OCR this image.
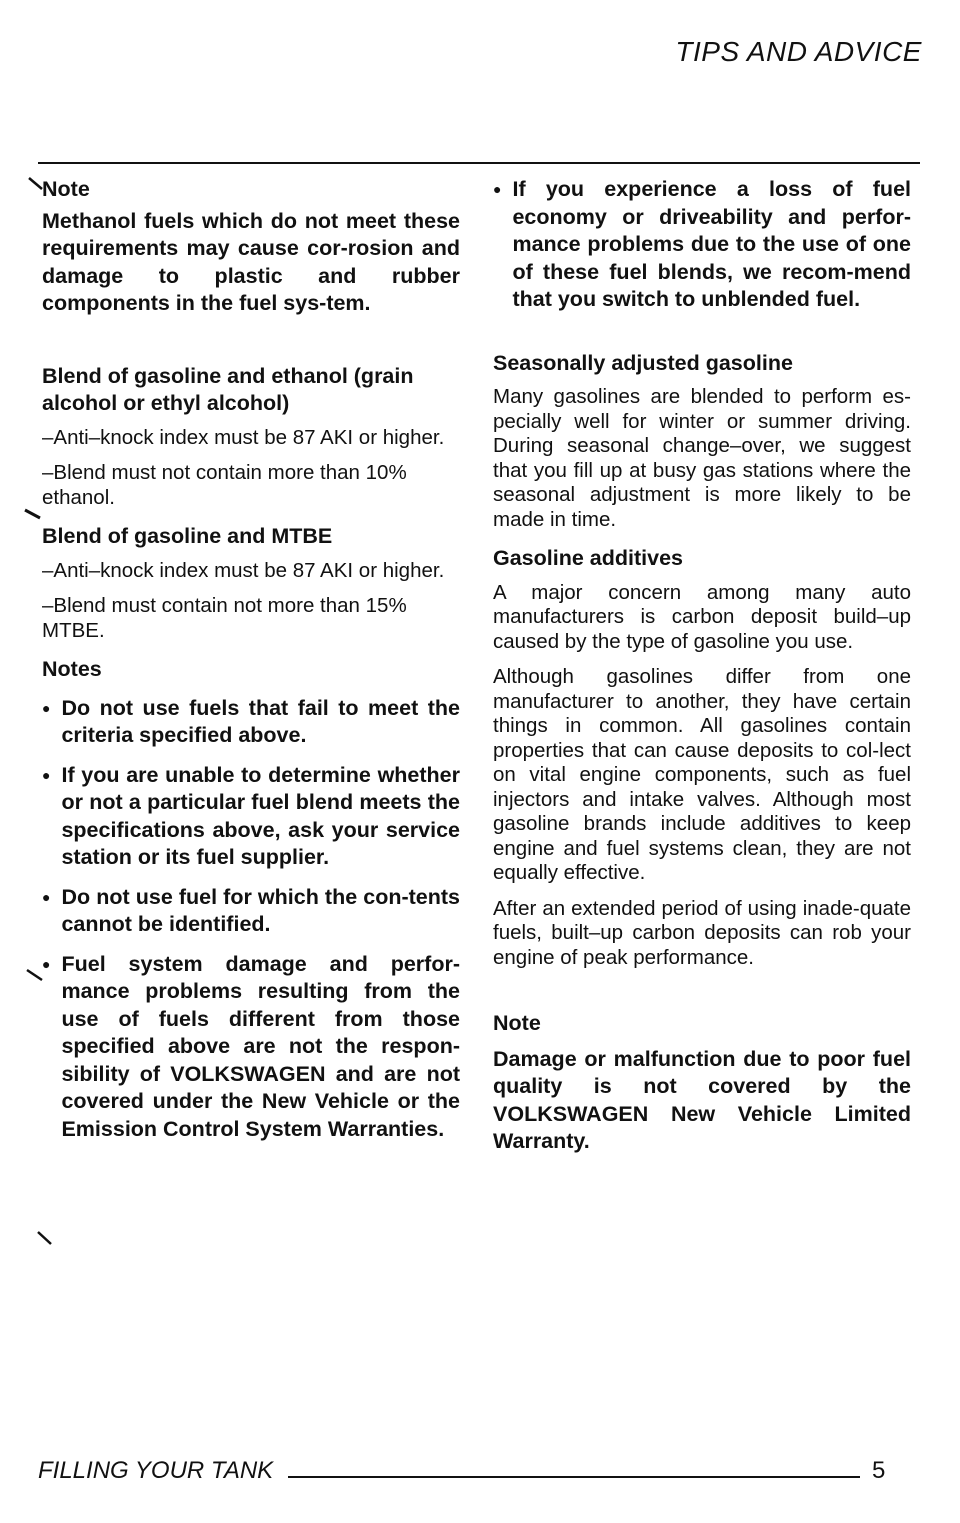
TIPS AND ADVICE

Note

Methanol fuels which do not meet these requirements may cause cor-rosion and damage to plastic and rubber components in the fuel sys-tem.

Blend of gasoline and ethanol (grain alcohol or ethyl alcohol)

–Anti–knock index must be 87 AKI or higher.

–Blend must not contain more than 10% ethanol.

Blend of gasoline and MTBE

–Anti–knock index must be 87 AKI or higher.

–Blend must contain not more than 15% MTBE.

Notes

● Do not use fuels that fail to meet the criteria specified above.
● If you are unable to determine whether or not a particular fuel blend meets the specifications above, ask your service station or its fuel supplier.
● Do not use fuel for which the con-tents cannot be identified.
● Fuel system damage and perfor-mance problems resulting from the use of fuels different from those specified above are not the respon-sibility of VOLKSWAGEN and are not covered under the New Vehicle or the Emission Control System Warranties.
● If you experience a loss of fuel economy or driveability and perfor-mance problems due to the use of one of these fuel blends, we recom-mend that you switch to unblended fuel.

Seasonally adjusted gasoline

Many gasolines are blended to perform es-pecially well for winter or summer driving. During seasonal change–over, we suggest that you fill up at busy gas stations where the seasonal adjustment is more likely to be made in time.

Gasoline additives

A major concern among many auto manufacturers is carbon deposit build–up caused by the type of gasoline you use.

Although gasolines differ from one manufacturer to another, they have certain things in common. All gasolines contain properties that can cause deposits to col-lect on vital engine components, such as fuel injectors and intake valves. Although most gasoline brands include additives to keep engine and fuel systems clean, they are not equally effective.

After an extended period of using inade-quate fuels, built–up carbon deposits can rob your engine of peak performance.

Note

Damage or malfunction due to poor fuel quality is not covered by the VOLKSWAGEN New Vehicle Limited Warranty.

FILLING YOUR TANK	5
